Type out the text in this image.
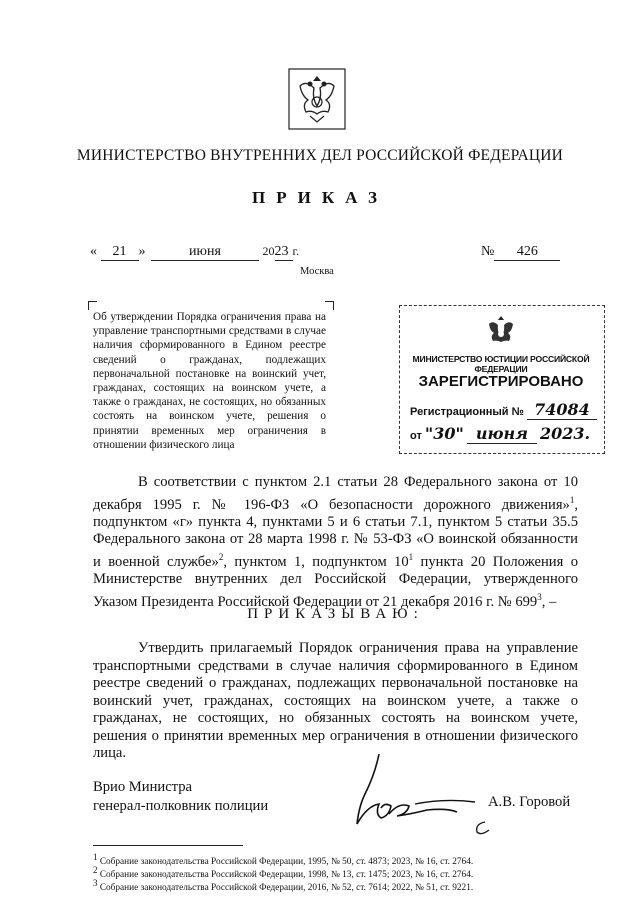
МИНИСТЕРСТВО ВНУТРЕННИХ ДЕЛ РОССИЙСКОЙ ФЕДЕРАЦИИ
ПРИКАЗ
« 21 »	июня	2023 г.	№ 426
Москва
Об утверждении Порядка ограничения права на управление транспортными средствами в случае наличия сформированного в Едином реестре сведений о гражданах, подлежащих первоначальной постановке на воинский учет, гражданах, состоящих на воинском учете, а также о гражданах, не состоящих, но обязанных состоять на воинском учете, решения о принятии временных мер ограничения в отношении физического лица
МИНИСТЕРСТВО ЮСТИЦИИ РОССИЙСКОЙ ФЕДЕРАЦИИ
ЗАРЕГИСТРИРОВАНО
Регистрационный № 74084
от "30" июня 2023.
В соответствии с пунктом 2.1 статьи 28 Федерального закона от 10 декабря 1995 г. № 196-ФЗ «О безопасности дорожного движения»$^1$, подпунктом «г» пункта 4, пунктами 5 и 6 статьи 7.1, пунктом 5 статьи 35.5 Федерального закона от 28 марта 1998 г. № 53-ФЗ «О воинской обязанности и военной службе»$^2$, пунктом 1, подпунктом $10^1$ пункта 20 Положения о Министерстве внутренних дел Российской Федерации, утвержденного Указом Президента Российской Федерации от 21 декабря 2016 г. № $699^3$, –
ПРИКАЗЫВАЮ:
Утвердить прилагаемый Порядок ограничения права на управление транспортными средствами в случае наличия сформированного в Едином реестре сведений о гражданах, подлежащих первоначальной постановке на воинский учет, гражданах, состоящих на воинском учете, а также о гражданах, не состоящих, но обязанных состоять на воинском учете, решения о принятии временных мер ограничения в отношении физического лица.
Врио Министра
генерал-полковник полиции	А.В. Горовой
$^1$ Собрание законодательства Российской Федерации, 1995, № 50, ст. 4873; 2023, № 16, ст. 2764.
$^2$ Собрание законодательства Российской Федерации, 1998, № 13, ст. 1475; 2023, № 16, ст. 2764.
$^3$ Собрание законодательства Российской Федерации, 2016, № 52, ст. 7614; 2022, № 51, ст. 9221.
